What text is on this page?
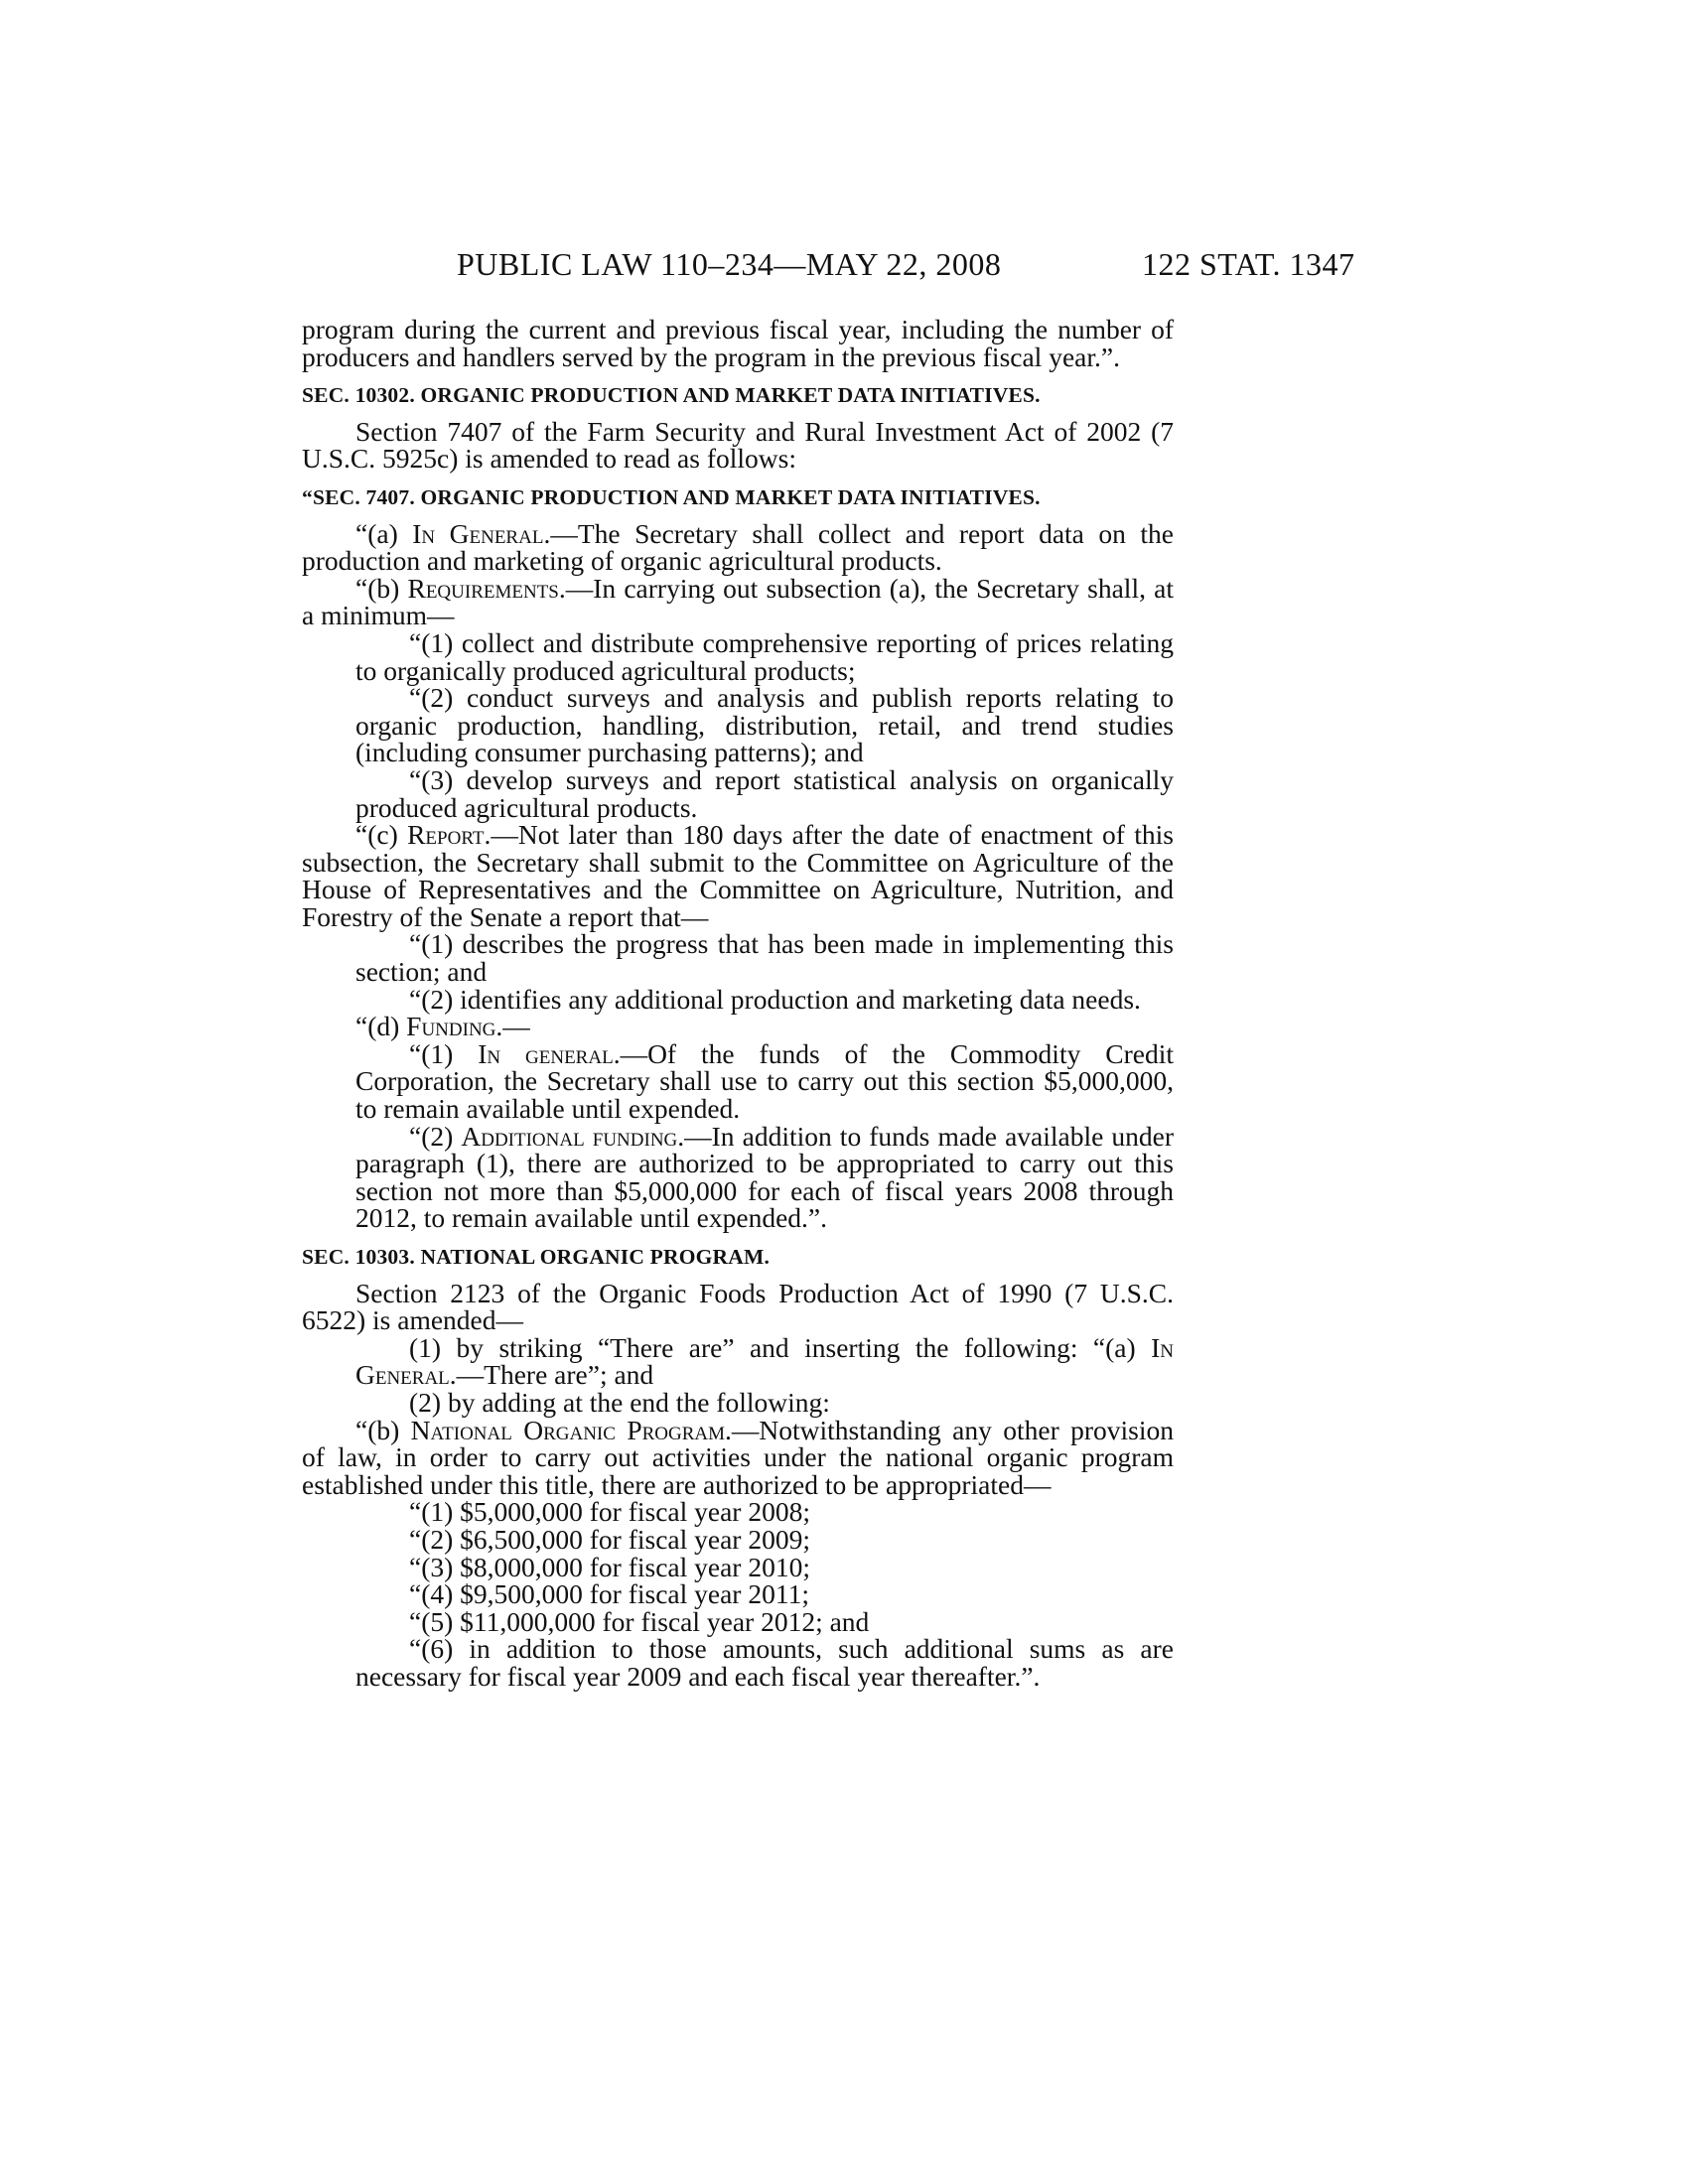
PUBLIC LAW 110–234—MAY 22, 2008	122 STAT. 1347

program during the current and previous fiscal year, including the number of producers and handlers served by the program in the previous fiscal year.”.

SEC. 10302. ORGANIC PRODUCTION AND MARKET DATA INITIATIVES.

Section 7407 of the Farm Security and Rural Investment Act of 2002 (7 U.S.C. 5925c) is amended to read as follows:

“SEC. 7407. ORGANIC PRODUCTION AND MARKET DATA INITIATIVES.

“(a) In General.—The Secretary shall collect and report data on the production and marketing of organic agricultural products.

“(b) Requirements.—In carrying out subsection (a), the Secretary shall, at a minimum—

“(1) collect and distribute comprehensive reporting of prices relating to organically produced agricultural products;

“(2) conduct surveys and analysis and publish reports relating to organic production, handling, distribution, retail, and trend studies (including consumer purchasing patterns); and

“(3) develop surveys and report statistical analysis on organically produced agricultural products.

“(c) Report.—Not later than 180 days after the date of enactment of this subsection, the Secretary shall submit to the Committee on Agriculture of the House of Representatives and the Committee on Agriculture, Nutrition, and Forestry of the Senate a report that—

“(1) describes the progress that has been made in implementing this section; and

“(2) identifies any additional production and marketing data needs.

“(d) Funding.—

“(1) In general.—Of the funds of the Commodity Credit Corporation, the Secretary shall use to carry out this section $5,000,000, to remain available until expended.

“(2) Additional funding.—In addition to funds made available under paragraph (1), there are authorized to be appropriated to carry out this section not more than $5,000,000 for each of fiscal years 2008 through 2012, to remain available until expended.”.

SEC. 10303. NATIONAL ORGANIC PROGRAM.

Section 2123 of the Organic Foods Production Act of 1990 (7 U.S.C. 6522) is amended—

(1) by striking “There are” and inserting the following: “(a) In General.—There are”; and

(2) by adding at the end the following:

“(b) National Organic Program.—Notwithstanding any other provision of law, in order to carry out activities under the national organic program established under this title, there are authorized to be appropriated—

“(1) $5,000,000 for fiscal year 2008;

“(2) $6,500,000 for fiscal year 2009;

“(3) $8,000,000 for fiscal year 2010;

“(4) $9,500,000 for fiscal year 2011;

“(5) $11,000,000 for fiscal year 2012; and

“(6) in addition to those amounts, such additional sums as are necessary for fiscal year 2009 and each fiscal year thereafter.”.
